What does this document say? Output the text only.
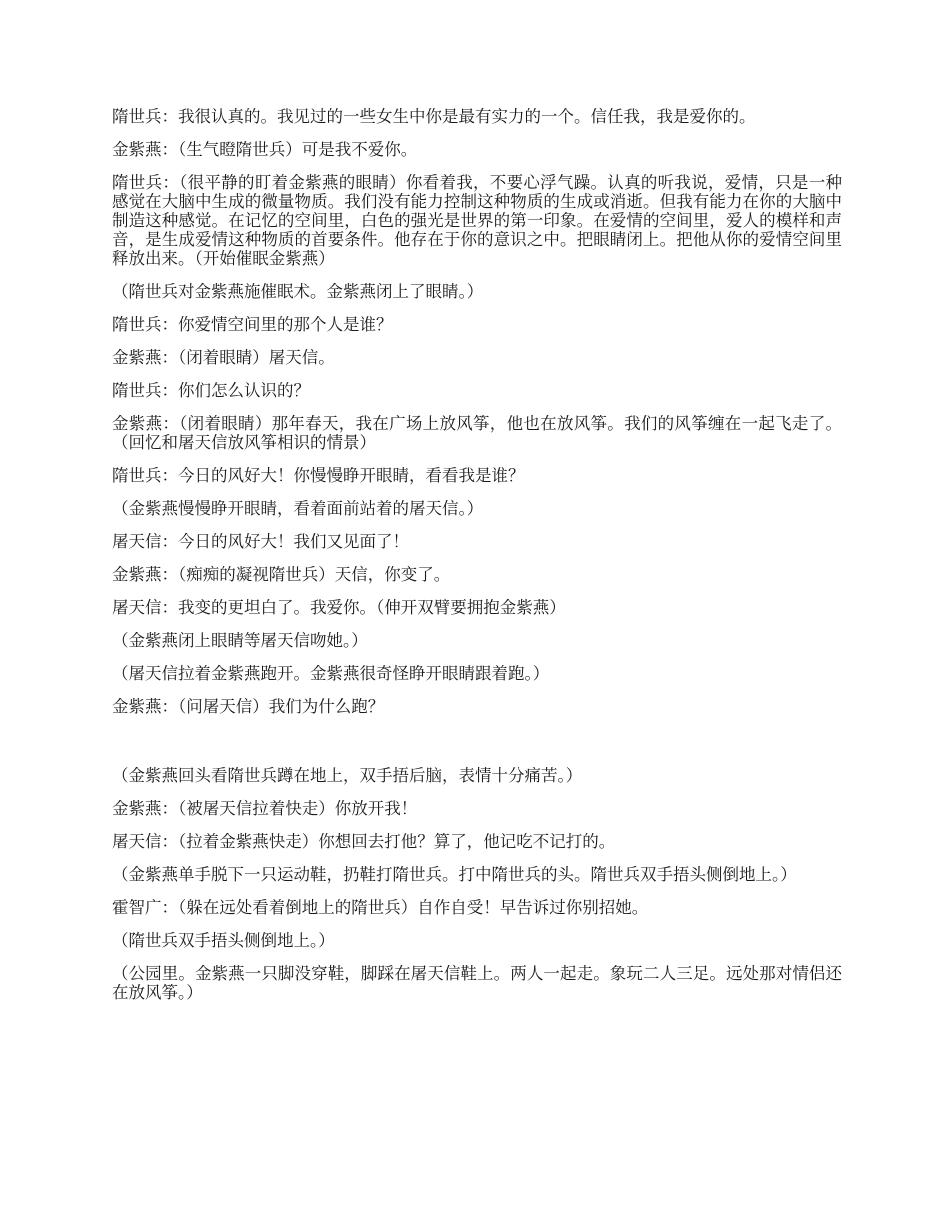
隋世兵：我很认真的。我见过的一些女生中你是最有实力的一个。信任我，我是爱你的。

金紫燕：（生气瞪隋世兵）可是我不爱你。

隋世兵：（很平静的盯着金紫燕的眼睛）你看着我，不要心浮气躁。认真的听我说，爱情，只是一种感觉在大脑中生成的微量物质。我们没有能力控制这种物质的生成或消逝。但我有能力在你的大脑中制造这种感觉。在记忆的空间里，白色的强光是世界的第一印象。在爱情的空间里，爱人的模样和声音，是生成爱情这种物质的首要条件。他存在于你的意识之中。把眼睛闭上。把他从你的爱情空间里释放出来。（开始催眠金紫燕）

（隋世兵对金紫燕施催眠术。金紫燕闭上了眼睛。）

隋世兵：你爱情空间里的那个人是谁？

金紫燕：（闭着眼睛）屠天信。

隋世兵：你们怎么认识的？

金紫燕：（闭着眼睛）那年春天，我在广场上放风筝，他也在放风筝。我们的风筝缠在一起飞走了。（回忆和屠天信放风筝相识的情景）

隋世兵：今日的风好大！你慢慢睁开眼睛，看看我是谁？

（金紫燕慢慢睁开眼睛，看着面前站着的屠天信。）

屠天信：今日的风好大！我们又见面了！

金紫燕：（痴痴的凝视隋世兵）天信，你变了。

屠天信：我变的更坦白了。我爱你。（伸开双臂要拥抱金紫燕）

（金紫燕闭上眼睛等屠天信吻她。）

（屠天信拉着金紫燕跑开。金紫燕很奇怪睁开眼睛跟着跑。）

金紫燕：（问屠天信）我们为什么跑？

（金紫燕回头看隋世兵蹲在地上，双手捂后脑，表情十分痛苦。）

金紫燕：（被屠天信拉着快走）你放开我！

屠天信：（拉着金紫燕快走）你想回去打他？算了，他记吃不记打的。

（金紫燕单手脱下一只运动鞋，扔鞋打隋世兵。打中隋世兵的头。隋世兵双手捂头侧倒地上。）

霍智广：（躲在远处看着倒地上的隋世兵）自作自受！早告诉过你别招她。

（隋世兵双手捂头侧倒地上。）

（公园里。金紫燕一只脚没穿鞋，脚踩在屠天信鞋上。两人一起走。象玩二人三足。远处那对情侣还在放风筝。）
